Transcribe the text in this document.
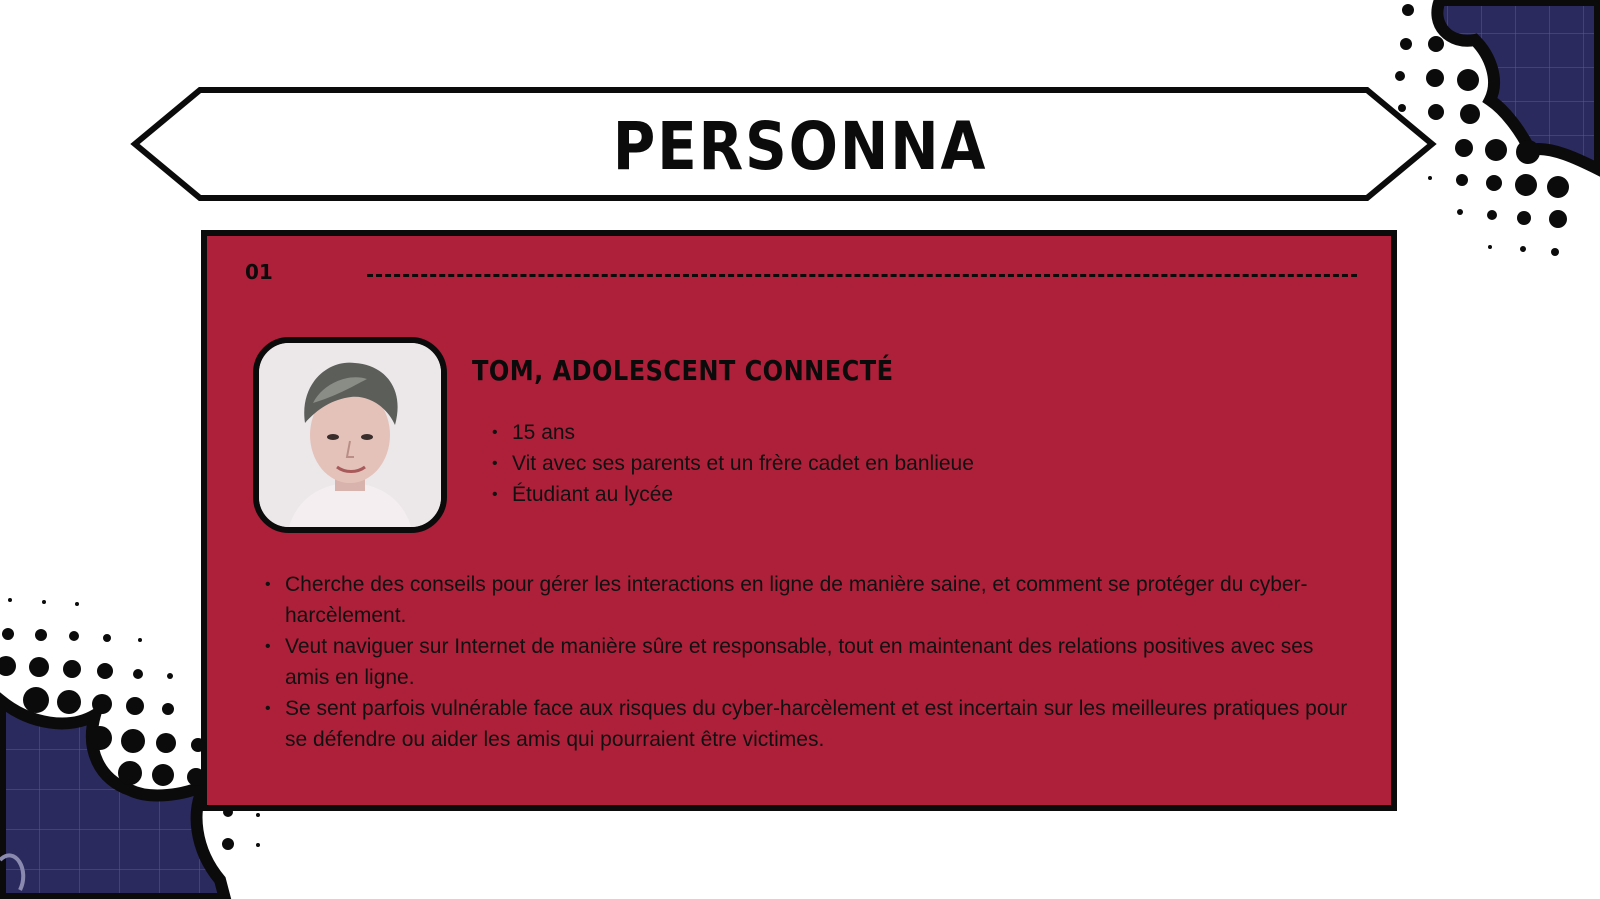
PERSONNA
01
TOM, ADOLESCENT CONNECTÉ
• 15 ans
• Vit avec ses parents et un frère cadet en banlieue
• Étudiant au lycée
• Cherche des conseils pour gérer les interactions en ligne de manière saine, et comment se protéger du cyber-harcèlement.
• Veut naviguer sur Internet de manière sûre et responsable, tout en maintenant des relations positives avec ses amis en ligne.
• Se sent parfois vulnérable face aux risques du cyber-harcèlement et est incertain sur les meilleures pratiques pour se défendre ou aider les amis qui pourraient être victimes.
